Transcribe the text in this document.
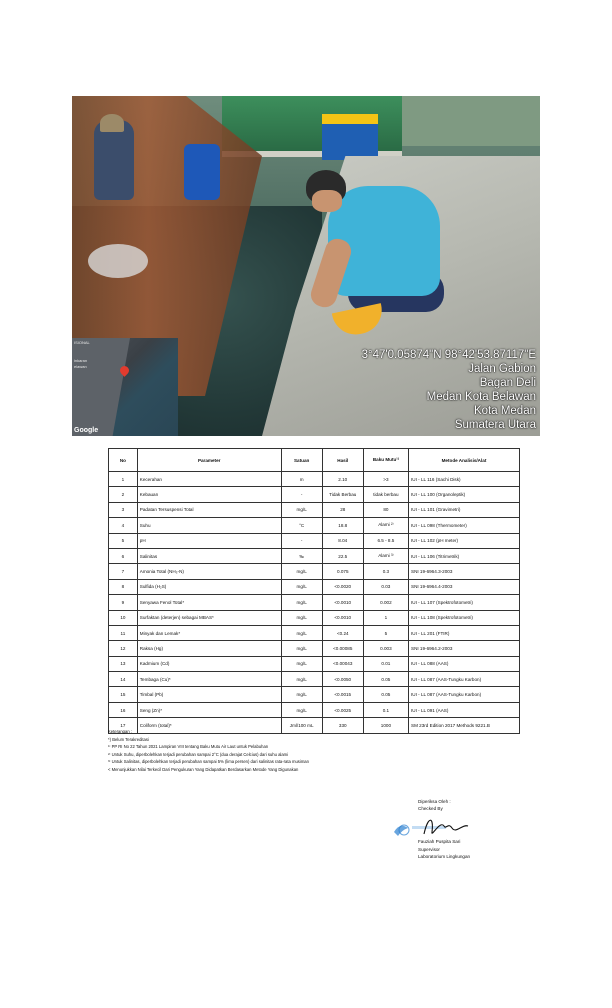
ISIONAL
inkaran
elawan
Google
3°47'0.05874"N 98°42'53.87117"E
Jalan Gabion
Bagan Deli
Medan Kota Belawan
Kota Medan
Sumatera Utara
No	Parameter	Satuan	Hasil	Baku Mutu¹⁾	Metode Analisis/Alat
1	Kecerahan	m	2.10	>3	IUI - LL 116 (Sachi Disk)
2	Kebauan	-	Tidak Berbau	tidak berbau	IUI - LL 100 (Organoleptik)
3	Padatan Tersuspensi Total	mg/L	28	80	IUI - LL 101 (Gravimetri)
4	Suhu	°C	18.8	Alami ²⁾	IUI - LL 098 (Thermometer)
5	pH	-	8.04	6.5 - 8.5	IUI - LL 102 (pH meter)
6	Salinitas	‰	22.5	Alami ³⁾	IUI - LL 106 (Titrimetrik)
7	Amonia Total (NH₃-N)	mg/L	0.075	0.3	SNI 19-6964.3-2003
8	Sulfida (H₂S)	mg/L	<0.0020	0.03	SNI 19-6964.4-2003
9	Senyawa Fenol Total*	mg/L	<0.0010	0.002	IUI - LL 107 (Spektrofotometri)
10	Surfaktan (deterjen) sebagai MBAS*	mg/L	<0.0010	1	IUI - LL 108 (Spektrofotometri)
11	Minyak dan Lemak*	mg/L	<0.24	5	IUI - LL 201 (FTIR)
12	Raksa (Hg)	mg/L	<0.00085	0.003	SNI 19-6964.2-2003
13	Kadmium (Cd)	mg/L	<0.00043	0.01	IUI - LL 088 (AAS)
14	Tembaga (Cu)*	mg/L	<0.0050	0.05	IUI - LL 087 (AAS-Tungku Karbon)
15	Timbal (Pb)	mg/L	<0.0015	0.05	IUI - LL 087 (AAS-Tungku Karbon)
16	Seng (Zn)*	mg/L	<0.0025	0.1	IUI - LL 091 (AAS)
17	Coliform (total)*	Jml/100 mL	330	1000	SM 23rd Edition 2017 Methods 9221.B
Keterangan :
*) Belum Terakreditasi
¹⁾ PP RI No 22 Tahun 2021 Lampiran VIII tentang Baku Mutu Air Laut untuk Pelabuhan
²⁾ Untuk Suhu, diperbolehkan terjadi perubahan sampai 2°C (dua derajat Celcius) dari suhu alami
³⁾ Untuk Salinitas, diperbolehkan terjadi perubahan sampai 5% (lima persen) dari salinitas rata-rata musiman
< Menunjukkan Nilai Terkecil Dari Pengukuran Yang Didapatkan Berdasarkan Metode Yang Digunakan
Diperiksa Oleh :
Checked By
Fauziah Puspita Sari
Supervisor
Laboratorium Lingkungan
